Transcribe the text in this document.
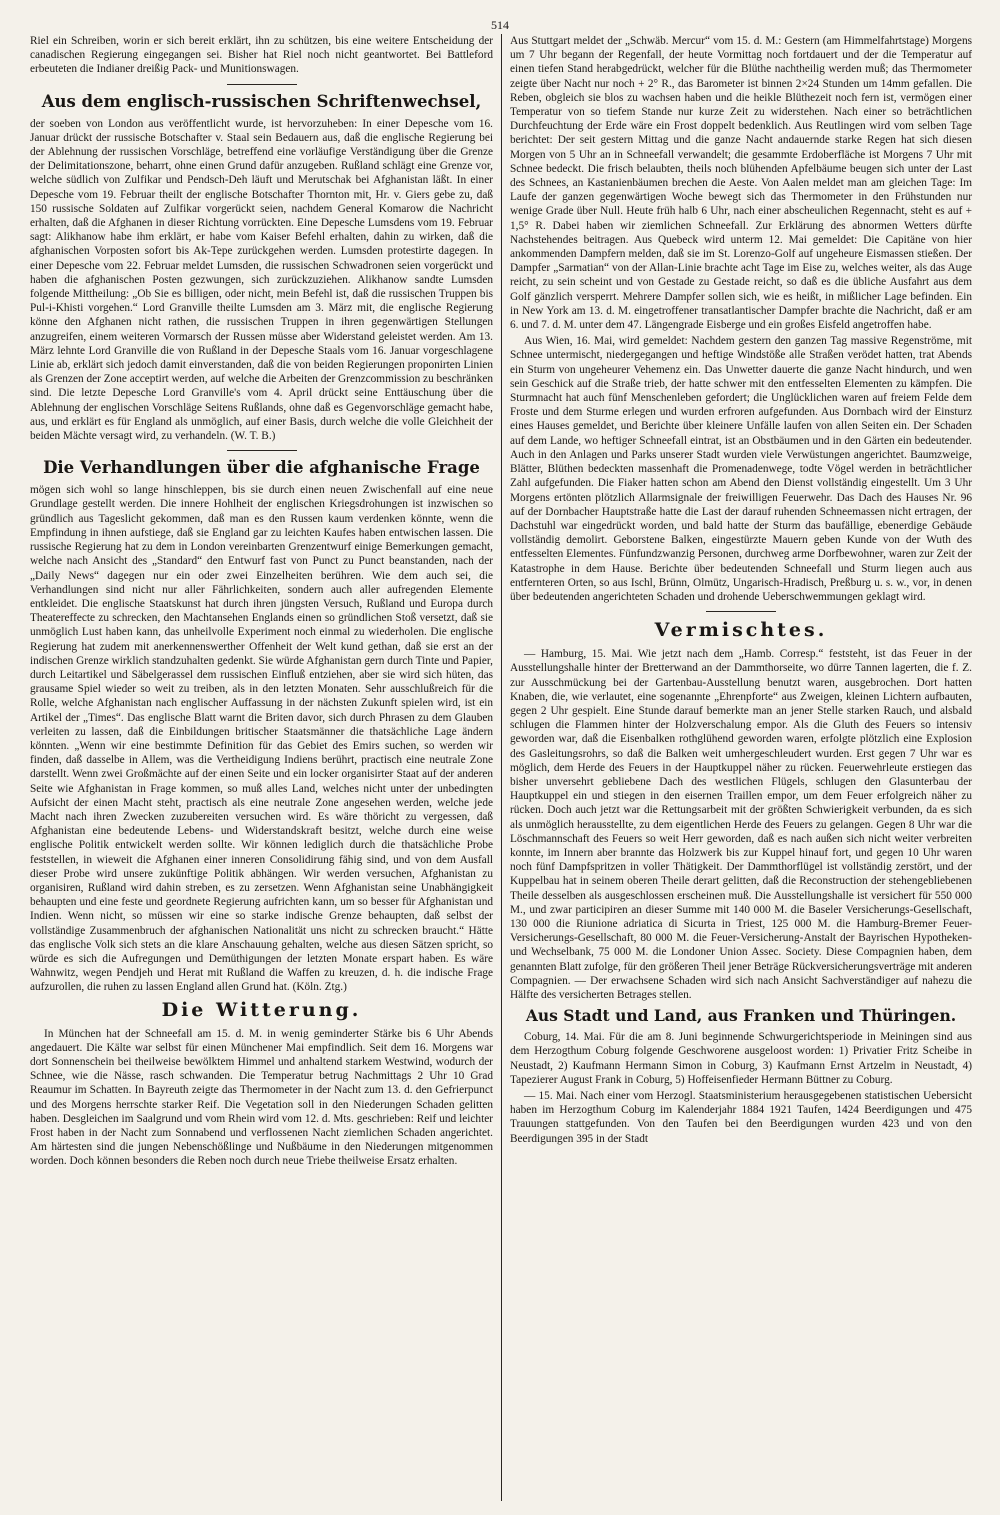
514

Riel ein Schreiben, worin er sich bereit erklärt, ihn zu schützen, bis eine weitere Entscheidung der canadischen Regierung eingegangen sei. Bisher hat Riel noch nicht geantwortet. Bei Battleford erbeuteten die Indianer dreißig Pack- und Munitionswagen.

Aus dem englisch-russischen Schriftenwechsel,

der soeben von London aus veröffentlicht wurde, ist hervorzuheben: In einer Depesche vom 16. Januar drückt der russische Botschafter v. Staal sein Bedauern aus, daß die englische Regierung bei der Ablehnung der russischen Vorschläge, betreffend eine vorläufige Verständigung über die Grenze der Delimitationszone, beharrt, ohne einen Grund dafür anzugeben. Rußland schlägt eine Grenze vor, welche südlich von Zulfikar und Pendsch-Deh läuft und Merutschak bei Afghanistan läßt. In einer Depesche vom 19. Februar theilt der englische Botschafter Thornton mit, Hr. v. Giers gebe zu, daß 150 russische Soldaten auf Zulfikar vorgerückt seien, nachdem General Komarow die Nachricht erhalten, daß die Afghanen in dieser Richtung vorrückten. Eine Depesche Lumsdens vom 19. Februar sagt: Alikhanow habe ihm erklärt, er habe vom Kaiser Befehl erhalten, dahin zu wirken, daß die afghanischen Vorposten sofort bis Ak-Tepe zurückgehen werden. Lumsden protestirte dagegen. In einer Depesche vom 22. Februar meldet Lumsden, die russischen Schwadronen seien vorgerückt und haben die afghanischen Posten gezwungen, sich zurückzuziehen. Alikhanow sandte Lumsden folgende Mittheilung: „Ob Sie es billigen, oder nicht, mein Befehl ist, daß die russischen Truppen bis Pul-i-Khisti vorgehen.“ Lord Granville theilte Lumsden am 3. März mit, die englische Regierung könne den Afghanen nicht rathen, die russischen Truppen in ihren gegenwärtigen Stellungen anzugreifen, einem weiteren Vormarsch der Russen müsse aber Widerstand geleistet werden. Am 13. März lehnte Lord Granville die von Rußland in der Depesche Staals vom 16. Januar vorgeschlagene Linie ab, erklärt sich jedoch damit einverstanden, daß die von beiden Regierungen proponirten Linien als Grenzen der Zone acceptirt werden, auf welche die Arbeiten der Grenzcommission zu beschränken sind. Die letzte Depesche Lord Granville's vom 4. April drückt seine Enttäuschung über die Ablehnung der englischen Vorschläge Seitens Rußlands, ohne daß es Gegenvorschläge gemacht habe, aus, und erklärt es für England als unmöglich, auf einer Basis, durch welche die volle Gleichheit der beiden Mächte versagt wird, zu verhandeln. (W. T. B.)

Die Verhandlungen über die afghanische Frage

mögen sich wohl so lange hinschleppen, bis sie durch einen neuen Zwischenfall auf eine neue Grundlage gestellt werden. Die innere Hohlheit der englischen Kriegsdrohungen ist inzwischen so gründlich aus Tageslicht gekommen, daß man es den Russen kaum verdenken könnte, wenn die Empfindung in ihnen aufstiege, daß sie England gar zu leichten Kaufes haben entwischen lassen. Die russische Regierung hat zu dem in London vereinbarten Grenzentwurf einige Bemerkungen gemacht, welche nach Ansicht des „Standard“ den Entwurf fast von Punct zu Punct beanstanden, nach der „Daily News“ dagegen nur ein oder zwei Einzelheiten berühren. Wie dem auch sei, die Verhandlungen sind nicht nur aller Fährlichkeiten, sondern auch aller aufregenden Elemente entkleidet. Die englische Staatskunst hat durch ihren jüngsten Versuch, Rußland und Europa durch Theatereffecte zu schrecken, den Machtansehen Englands einen so gründlichen Stoß versetzt, daß sie unmöglich Lust haben kann, das unheilvolle Experiment noch einmal zu wiederholen. Die englische Regierung hat zudem mit anerkennenswerther Offenheit der Welt kund gethan, daß sie erst an der indischen Grenze wirklich standzuhalten gedenkt. Sie würde Afghanistan gern durch Tinte und Papier, durch Leitartikel und Säbelgerassel dem russischen Einfluß entziehen, aber sie wird sich hüten, das grausame Spiel wieder so weit zu treiben, als in den letzten Monaten. Sehr ausschlußreich für die Rolle, welche Afghanistan nach englischer Auffassung in der nächsten Zukunft spielen wird, ist ein Artikel der „Times“. Das englische Blatt warnt die Briten davor, sich durch Phrasen zu dem Glauben verleiten zu lassen, daß die Einbildungen britischer Staatsmänner die thatsächliche Lage ändern könnten. „Wenn wir eine bestimmte Definition für das Gebiet des Emirs suchen, so werden wir finden, daß dasselbe in Allem, was die Vertheidigung Indiens berührt, practisch eine neutrale Zone darstellt. Wenn zwei Großmächte auf der einen Seite und ein locker organisirter Staat auf der anderen Seite wie Afghanistan in Frage kommen, so muß alles Land, welches nicht unter der unbedingten Aufsicht der einen Macht steht, practisch als eine neutrale Zone angesehen werden, welche jede Macht nach ihren Zwecken zuzubereiten versuchen wird. Es wäre thöricht zu vergessen, daß Afghanistan eine bedeutende Lebens- und Widerstandskraft besitzt, welche durch eine weise englische Politik entwickelt werden sollte. Wir können lediglich durch die thatsächliche Probe feststellen, in wieweit die Afghanen einer inneren Consolidirung fähig sind, und von dem Ausfall dieser Probe wird unsere zukünftige Politik abhängen. Wir werden versuchen, Afghanistan zu organisiren, Rußland wird dahin streben, es zu zersetzen. Wenn Afghanistan seine Unabhängigkeit behaupten und eine feste und geordnete Regierung aufrichten kann, um so besser für Afghanistan und Indien. Wenn nicht, so müssen wir eine so starke indische Grenze behaupten, daß selbst der vollständige Zusammenbruch der afghanischen Nationalität uns nicht zu schrecken braucht.“ Hätte das englische Volk sich stets an die klare Anschauung gehalten, welche aus diesen Sätzen spricht, so würde es sich die Aufregungen und Demüthigungen der letzten Monate erspart haben. Es wäre Wahnwitz, wegen Pendjeh und Herat mit Rußland die Waffen zu kreuzen, d. h. die indische Frage aufzurollen, die ruhen zu lassen England allen Grund hat. (Köln. Ztg.)

Die Witterung.

In München hat der Schneefall am 15. d. M. in wenig geminderter Stärke bis 6 Uhr Abends angedauert. Die Kälte war selbst für einen Münchener Mai empfindlich. Seit dem 16. Morgens war dort Sonnenschein bei theilweise bewölktem Himmel und anhaltend starkem Westwind, wodurch der Schnee, wie die Nässe, rasch schwanden. Die Temperatur betrug Nachmittags 2 Uhr 10 Grad Reaumur im Schatten. In Bayreuth zeigte das Thermometer in der Nacht zum 13. d. den Gefrierpunct und des Morgens herrschte starker Reif. Die Vegetation soll in den Niederungen Schaden gelitten haben. Desgleichen im Saalgrund und vom Rhein wird vom 12. d. Mts. geschrieben: Reif und leichter Frost haben in der Nacht zum Sonnabend und verflossenen Nacht ziemlichen Schaden angerichtet. Am härtesten sind die jungen Nebenschößlinge und Nußbäume in den Niederungen mitgenommen worden. Doch können besonders die Reben noch durch neue Triebe theilweise Ersatz erhalten.

Aus Stuttgart meldet der „Schwäb. Mercur“ vom 15. d. M.: Gestern (am Himmelfahrtstage) Morgens um 7 Uhr begann der Regenfall, der heute Vormittag noch fortdauert und der die Temperatur auf einen tiefen Stand herabgedrückt, welcher für die Blüthe nachtheilig werden muß; das Thermometer zeigte über Nacht nur noch + 2° R., das Barometer ist binnen 2×24 Stunden um 14mm gefallen. Die Reben, obgleich sie blos zu wachsen haben und die heikle Blüthezeit noch fern ist, vermögen einer Temperatur von so tiefem Stande nur kurze Zeit zu widerstehen. Nach einer so beträchtlichen Durchfeuchtung der Erde wäre ein Frost doppelt bedenklich. Aus Reutlingen wird vom selben Tage berichtet: Der seit gestern Mittag und die ganze Nacht andauernde starke Regen hat sich diesen Morgen von 5 Uhr an in Schneefall verwandelt; die gesammte Erdoberfläche ist Morgens 7 Uhr mit Schnee bedeckt. Die frisch belaubten, theils noch blühenden Apfelbäume beugen sich unter der Last des Schnees, an Kastanienbäumen brechen die Aeste. Von Aalen meldet man am gleichen Tage: Im Laufe der ganzen gegenwärtigen Woche bewegt sich das Thermometer in den Frühstunden nur wenige Grade über Null. Heute früh halb 6 Uhr, nach einer abscheulichen Regennacht, steht es auf + 1,5° R. Dabei haben wir ziemlichen Schneefall. Zur Erklärung des abnormen Wetters dürfte Nachstehendes beitragen. Aus Quebeck wird unterm 12. Mai gemeldet: Die Capitäne von hier ankommenden Dampfern melden, daß sie im St. Lorenzo-Golf auf ungeheure Eismassen stießen. Der Dampfer „Sarmatian“ von der Allan-Linie brachte acht Tage im Eise zu, welches weiter, als das Auge reicht, zu sein scheint und von Gestade zu Gestade reicht, so daß es die übliche Ausfahrt aus dem Golf gänzlich versperrt. Mehrere Dampfer sollen sich, wie es heißt, in mißlicher Lage befinden. Ein in New York am 13. d. M. eingetroffener transatlantischer Dampfer brachte die Nachricht, daß er am 6. und 7. d. M. unter dem 47. Längengrade Eisberge und ein großes Eisfeld angetroffen habe.

Aus Wien, 16. Mai, wird gemeldet: Nachdem gestern den ganzen Tag massive Regenströme, mit Schnee untermischt, niedergegangen und heftige Windstöße alle Straßen verödet hatten, trat Abends ein Sturm von ungeheurer Vehemenz ein. Das Unwetter dauerte die ganze Nacht hindurch, und wen sein Geschick auf die Straße trieb, der hatte schwer mit den entfesselten Elementen zu kämpfen. Die Sturmnacht hat auch fünf Menschenleben gefordert; die Unglücklichen waren auf freiem Felde dem Froste und dem Sturme erlegen und wurden erfroren aufgefunden. Aus Dornbach wird der Einsturz eines Hauses gemeldet, und Berichte über kleinere Unfälle laufen von allen Seiten ein. Der Schaden auf dem Lande, wo heftiger Schneefall eintrat, ist an Obstbäumen und in den Gärten ein bedeutender. Auch in den Anlagen und Parks unserer Stadt wurden viele Verwüstungen angerichtet. Baumzweige, Blätter, Blüthen bedeckten massenhaft die Promenadenwege, todte Vögel werden in beträchtlicher Zahl aufgefunden. Die Fiaker hatten schon am Abend den Dienst vollständig eingestellt. Um 3 Uhr Morgens ertönten plötzlich Allarmsignale der freiwilligen Feuerwehr. Das Dach des Hauses Nr. 96 auf der Dornbacher Hauptstraße hatte die Last der darauf ruhenden Schneemassen nicht ertragen, der Dachstuhl war eingedrückt worden, und bald hatte der Sturm das baufällige, ebenerdige Gebäude vollständig demolirt. Geborstene Balken, eingestürzte Mauern geben Kunde von der Wuth des entfesselten Elementes. Fünfundzwanzig Personen, durchweg arme Dorfbewohner, waren zur Zeit der Katastrophe in dem Hause. Berichte über bedeutenden Schneefall und Sturm liegen auch aus entfernteren Orten, so aus Ischl, Brünn, Olmütz, Ungarisch-Hradisch, Preßburg u. s. w., vor, in denen über bedeutenden angerichteten Schaden und drohende Ueberschwemmungen geklagt wird.

Vermischtes.

— Hamburg, 15. Mai. Wie jetzt nach dem „Hamb. Corresp.“ feststeht, ist das Feuer in der Ausstellungshalle hinter der Bretterwand an der Dammthorseite, wo dürre Tannen lagerten, die f. Z. zur Ausschmückung bei der Gartenbau-Ausstellung benutzt waren, ausgebrochen. Dort hatten Knaben, die, wie verlautet, eine sogenannte „Ehrenpforte“ aus Zweigen, kleinen Lichtern aufbauten, gegen 2 Uhr gespielt. Eine Stunde darauf bemerkte man an jener Stelle starken Rauch, und alsbald schlugen die Flammen hinter der Holzverschalung empor. Als die Gluth des Feuers so intensiv geworden war, daß die Eisenbalken rothglühend geworden waren, erfolgte plötzlich eine Explosion des Gasleitungsrohrs, so daß die Balken weit umhergeschleudert wurden. Erst gegen 7 Uhr war es möglich, dem Herde des Feuers in der Hauptkuppel näher zu rücken. Feuerwehrleute erstiegen das bisher unversehrt gebliebene Dach des westlichen Flügels, schlugen den Glasunterbau der Hauptkuppel ein und stiegen in den eisernen Traillen empor, um dem Feuer erfolgreich näher zu rücken. Doch auch jetzt war die Rettungsarbeit mit der größten Schwierigkeit verbunden, da es sich als unmöglich herausstellte, zu dem eigentlichen Herde des Feuers zu gelangen. Gegen 8 Uhr war die Löschmannschaft des Feuers so weit Herr geworden, daß es nach außen sich nicht weiter verbreiten konnte, im Innern aber brannte das Holzwerk bis zur Kuppel hinauf fort, und gegen 10 Uhr waren noch fünf Dampfspritzen in voller Thätigkeit. Der Dammthorflügel ist vollständig zerstört, und der Kuppelbau hat in seinem oberen Theile derart gelitten, daß die Reconstruction der stehengebliebenen Theile desselben als ausgeschlossen erscheinen muß. Die Ausstellungshalle ist versichert für 550 000 M., und zwar participiren an dieser Summe mit 140 000 M. die Baseler Versicherungs-Gesellschaft, 130 000 die Riunione adriatica di Sicurta in Triest, 125 000 M. die Hamburg-Bremer Feuer-Versicherungs-Gesellschaft, 80 000 M. die Feuer-Versicherung-Anstalt der Bayrischen Hypotheken- und Wechselbank, 75 000 M. die Londoner Union Assec. Society. Diese Compagnien haben, dem genannten Blatt zufolge, für den größeren Theil jener Beträge Rückversicherungsverträge mit anderen Compagnien. — Der erwachsene Schaden wird sich nach Ansicht Sachverständiger auf nahezu die Hälfte des versicherten Betrages stellen.

Aus Stadt und Land, aus Franken und Thüringen.

Coburg, 14. Mai. Für die am 8. Juni beginnende Schwurgerichtsperiode in Meiningen sind aus dem Herzogthum Coburg folgende Geschworene ausgeloost worden: 1) Privatier Fritz Scheibe in Neustadt, 2) Kaufmann Hermann Simon in Coburg, 3) Kaufmann Ernst Artzelm in Neustadt, 4) Tapezierer August Frank in Coburg, 5) Hoffeisenfieder Hermann Büttner zu Coburg.

— 15. Mai. Nach einer vom Herzogl. Staatsministerium herausgegebenen statistischen Uebersicht haben im Herzogthum Coburg im Kalenderjahr 1884 1921 Taufen, 1424 Beerdigungen und 475 Trauungen stattgefunden. Von den Taufen bei den Beerdigungen wurden 423 und von den Beerdigungen 395 in der Stadt
